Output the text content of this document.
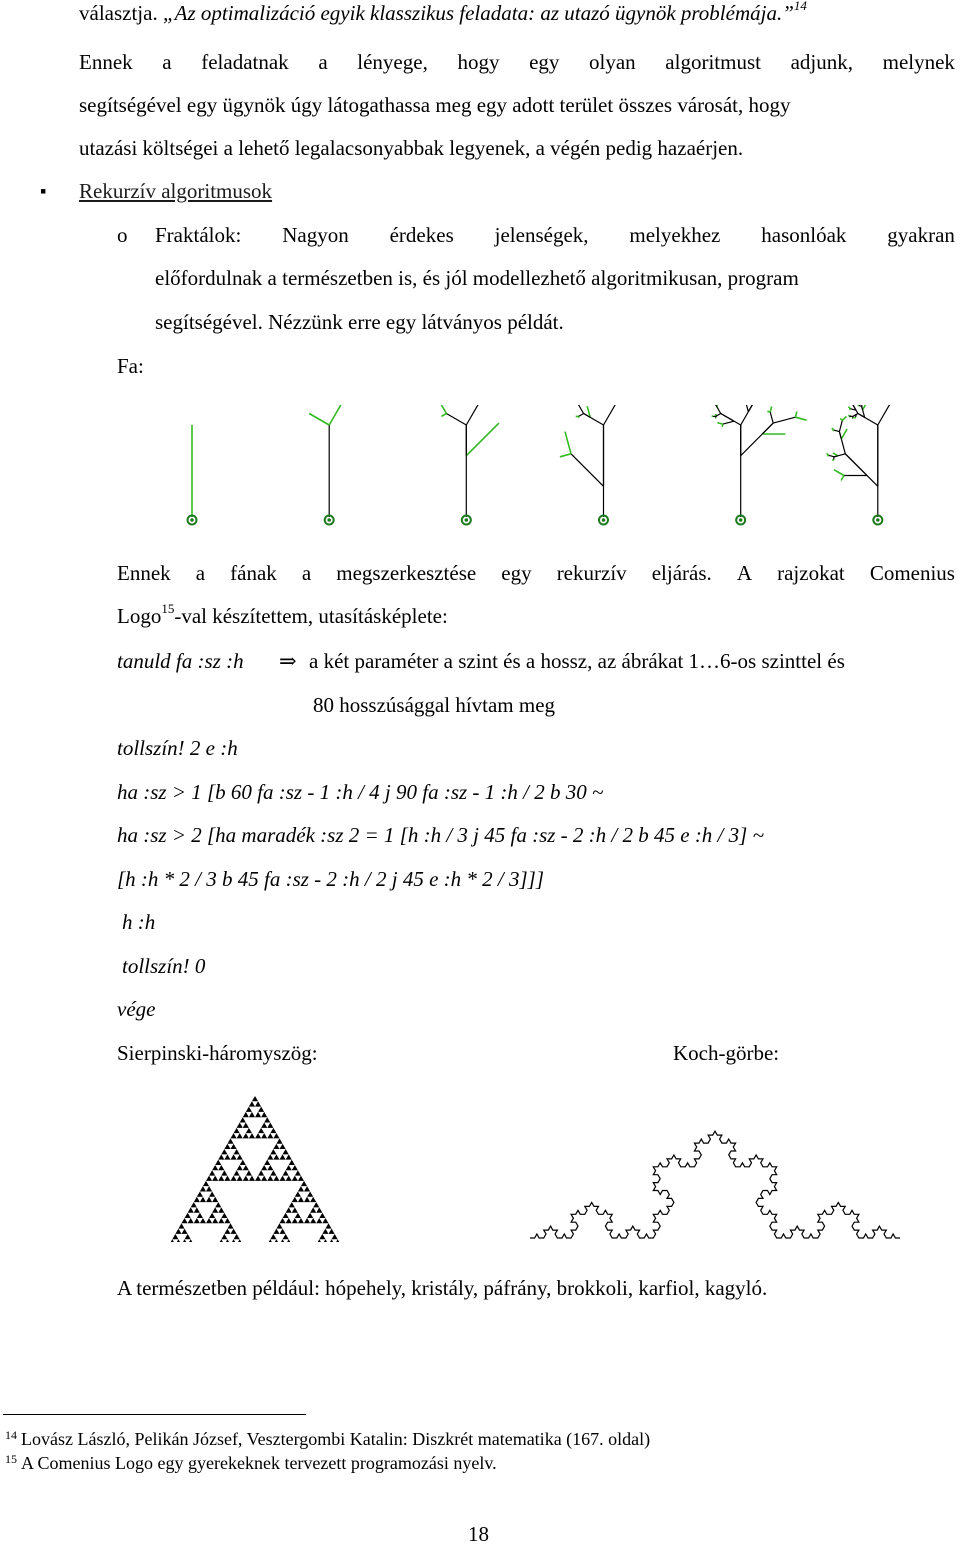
választja. „Az optimalizáció egyik klasszikus feladata: az utazó ügynök problémája.”$^{14}$
Ennek a feladatnak a lényege, hogy egy olyan algoritmust adjunk, melynek
segítségével egy ügynök úgy látogathassa meg egy adott terület összes városát, hogy
utazási költségei a lehető legalacsonyabbak legyenek, a végén pedig hazaérjen.
▪ Rekurzív algoritmusok
o Fraktálok: Nagyon érdekes jelenségek, melyekhez hasonlóak gyakran
előfordulnak a természetben is, és jól modellezhető algoritmikusan, program
segítségével. Nézzünk erre egy látványos példát.
Fa:
Ennek a fának a megszerkesztése egy rekurzív eljárás. A rajzokat Comenius
Logo$^{15}$-val készítettem, utasításképlete:
tanuld fa :sz :h ⇒ a két paraméter a szint és a hossz, az ábrákat 1…6-os szinttel és
80 hosszúsággal hívtam meg
tollszín! 2 e :h
ha :sz > 1 [b 60 fa :sz - 1 :h / 4 j 90 fa :sz - 1 :h / 2 b 30 ~
ha :sz > 2 [ha maradék :sz 2 = 1 [h :h / 3 j 45 fa :sz - 2 :h / 2 b 45 e :h / 3] ~
[h :h * 2 / 3 b 45 fa :sz - 2 :h / 2 j 45 e :h * 2 / 3]]]
h :h
tollszín! 0
vége
Sierpinski-háromyszög:	Koch-görbe:
A természetben például: hópehely, kristály, páfrány, brokkoli, karfiol, kagyló.
$^{14}$ Lovász László, Pelikán József, Vesztergombi Katalin: Diszkrét matematika (167. oldal)
$^{15}$ A Comenius Logo egy gyerekeknek tervezett programozási nyelv.
18
